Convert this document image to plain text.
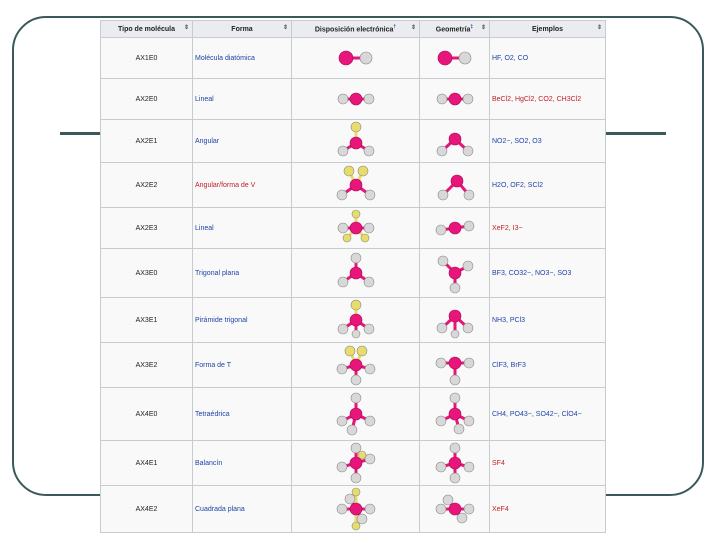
Tipo de molécula ⇕	Forma ⇕	Disposición electrónica† ⇕	Geometría‡ ⇕	Ejemplos ⇕

AX1E0	Molécula diatómica			HF, O2, CO
AX2E0	Lineal			BeCl2, HgCl2, CO2, CH3Cl2
AX2E1	Angular			NO2−, SO2, O3
AX2E2	Angular/forma de V			H2O, OF2, SCl2
AX2E3	Lineal			XeF2, I3−
AX3E0	Trigonal plana			BF3, CO32−, NO3−, SO3
AX3E1	Pirámide trigonal			NH3, PCl3
AX3E2	Forma de T			ClF3, BrF3
AX4E0	Tetraédrica			CH4, PO43−, SO42−, ClO4−
AX4E1	Balancín			SF4
AX4E2	Cuadrada plana			XeF4
